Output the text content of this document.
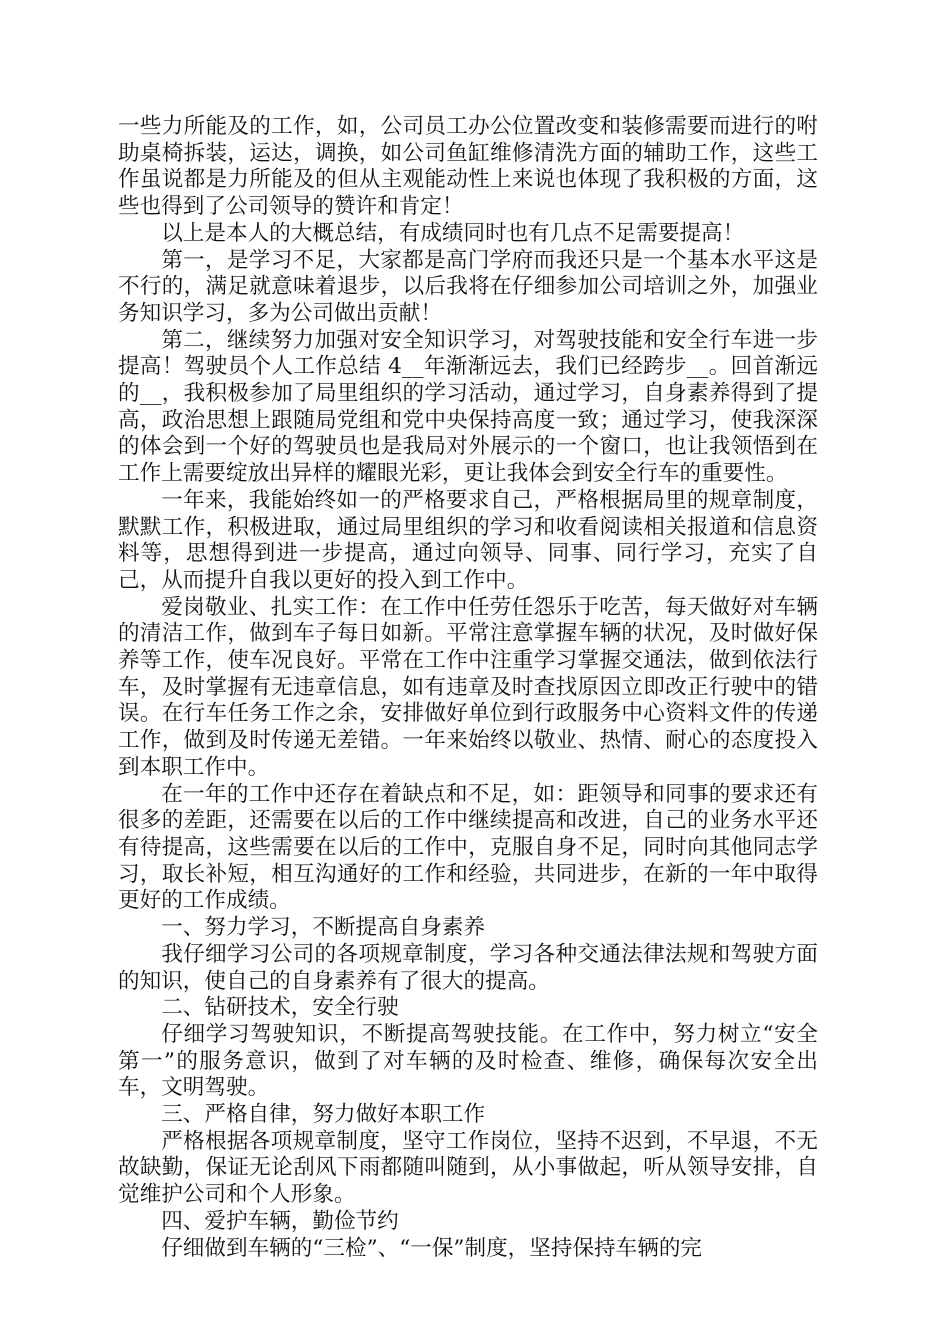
一些力所能及的工作，如，公司员工办公位置改变和装修需要而进行的咐助桌椅拆装，运达，调换，如公司鱼缸维修清洗方面的辅助工作，这些工作虽说都是力所能及的但从主观能动性上来说也体现了我积极的方面，这些也得到了公司领导的赞许和肯定！

以上是本人的大概总结，有成绩同时也有几点不足需要提高！

第一，是学习不足，大家都是高门学府而我还只是一个基本水平这是不行的，满足就意味着退步，以后我将在仔细参加公司培训之外，加强业务知识学习，多为公司做出贡献！

第二，继续努力加强对安全知识学习，对驾驶技能和安全行车进一步提高！驾驶员个人工作总结 4__年渐渐远去，我们已经跨步__。回首渐远的__，我积极参加了局里组织的学习活动，通过学习，自身素养得到了提高，政治思想上跟随局党组和党中央保持高度一致；通过学习，使我深深的体会到一个好的驾驶员也是我局对外展示的一个窗口，也让我领悟到在工作上需要绽放出异样的耀眼光彩，更让我体会到安全行车的重要性。

一年来，我能始终如一的严格要求自己，严格根据局里的规章制度，默默工作，积极进取，通过局里组织的学习和收看阅读相关报道和信息资料等，思想得到进一步提高，通过向领导、同事、同行学习，充实了自己，从而提升自我以更好的投入到工作中。

爱岗敬业、扎实工作：在工作中任劳任怨乐于吃苦，每天做好对车辆的清洁工作，做到车子每日如新。平常注意掌握车辆的状况，及时做好保养等工作，使车况良好。平常在工作中注重学习掌握交通法，做到依法行车，及时掌握有无违章信息，如有违章及时查找原因立即改正行驶中的错误。在行车任务工作之余，安排做好单位到行政服务中心资料文件的传递工作，做到及时传递无差错。一年来始终以敬业、热情、耐心的态度投入到本职工作中。

在一年的工作中还存在着缺点和不足，如：距领导和同事的要求还有很多的差距，还需要在以后的工作中继续提高和改进，自己的业务水平还有待提高，这些需要在以后的工作中，克服自身不足，同时向其他同志学习，取长补短，相互沟通好的工作和经验，共同进步，在新的一年中取得更好的工作成绩。

一、努力学习，不断提高自身素养

我仔细学习公司的各项规章制度，学习各种交通法律法规和驾驶方面的知识，使自己的自身素养有了很大的提高。

二、钻研技术，安全行驶

仔细学习驾驶知识，不断提高驾驶技能。在工作中，努力树立“安全第一”的服务意识，做到了对车辆的及时检查、维修，确保每次安全出车，文明驾驶。

三、严格自律，努力做好本职工作

严格根据各项规章制度，坚守工作岗位，坚持不迟到，不早退，不无故缺勤，保证无论刮风下雨都随叫随到，从小事做起，听从领导安排，自觉维护公司和个人形象。

四、爱护车辆，勤俭节约

仔细做到车辆的“三检”、“一保”制度，坚持保持车辆的完
